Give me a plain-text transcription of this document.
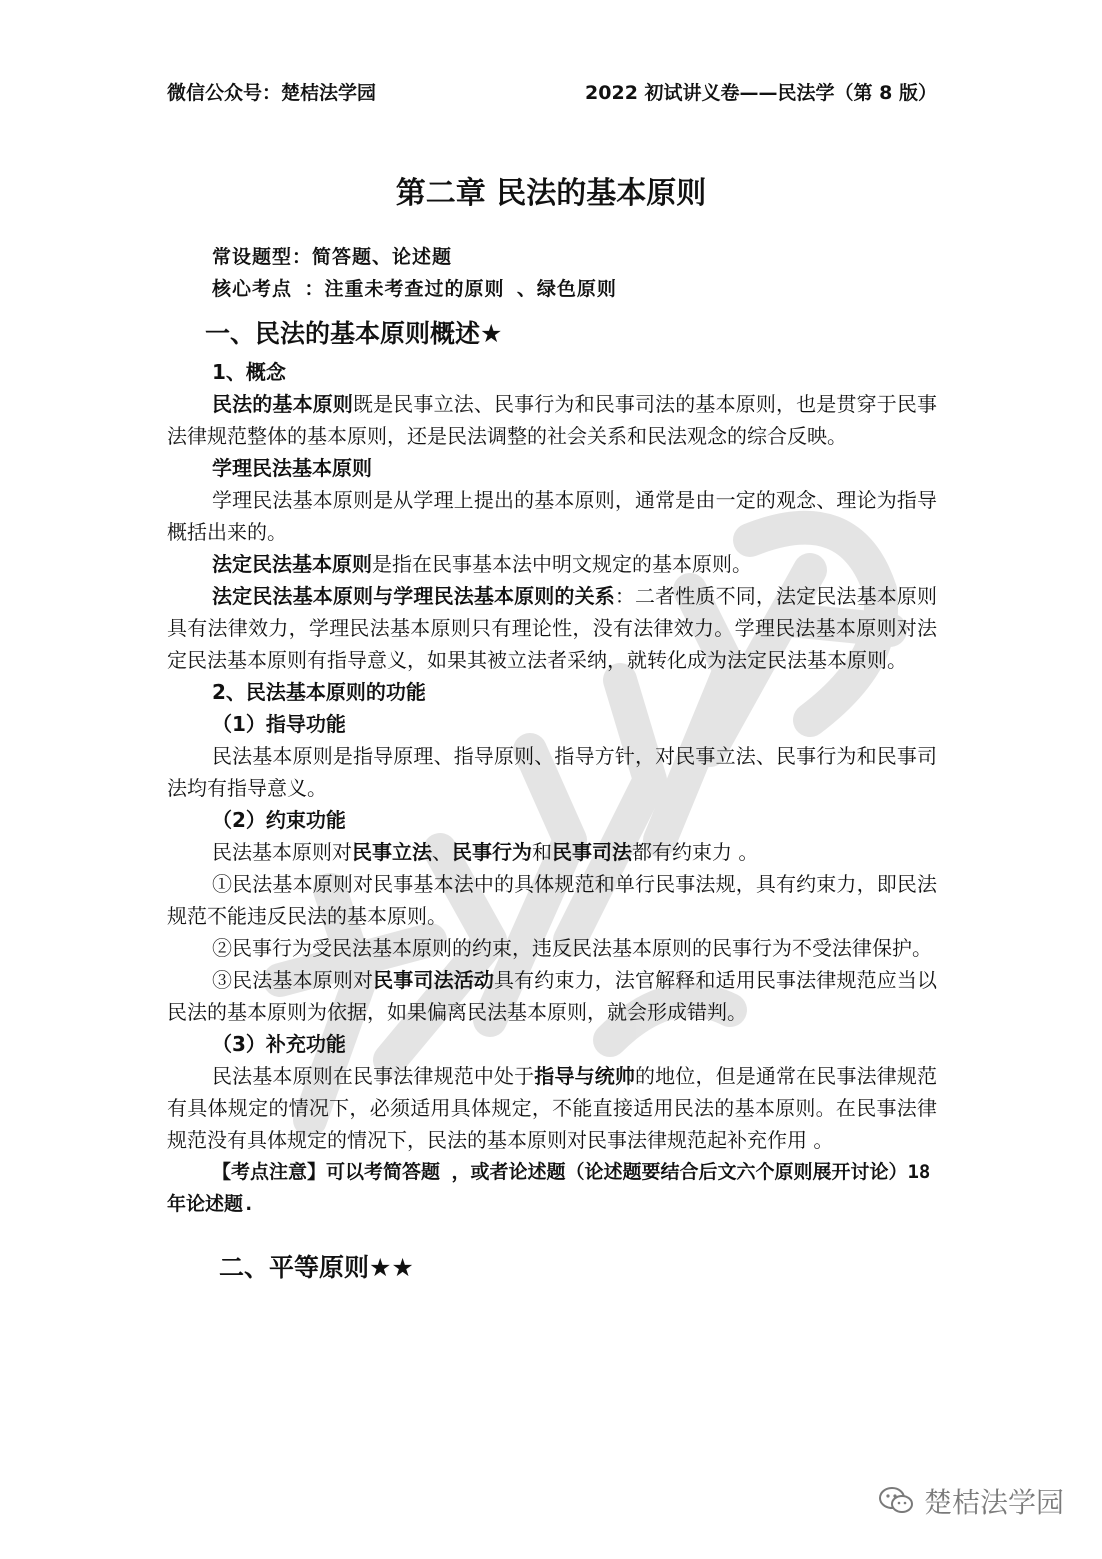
微信公众号：楚桔法学园	2022 初试讲义卷——民法学（第 8 版）
第二章 民法的基本原则
常设题型：简答题、论述题
核心考点 ：注重未考查过的原则 、绿色原则
一、民法的基本原则概述★

1、概念

民法的基本原则既是民事立法、民事行为和民事司法的基本原则，也是贯穿于民事法律规范整体的基本原则，还是民法调整的社会关系和民法观念的综合反映。

学理民法基本原则

学理民法基本原则是从学理上提出的基本原则，通常是由一定的观念、理论为指导概括出来的。

法定民法基本原则是指在民事基本法中明文规定的基本原则。

法定民法基本原则与学理民法基本原则的关系：二者性质不同，法定民法基本原则具有法律效力，学理民法基本原则只有理论性，没有法律效力。学理民法基本原则对法定民法基本原则有指导意义，如果其被立法者采纳，就转化成为法定民法基本原则。

2、民法基本原则的功能

（1）指导功能

民法基本原则是指导原理、指导原则、指导方针，对民事立法、民事行为和民事司法均有指导意义。

（2）约束功能

民法基本原则对民事立法、民事行为和民事司法都有约束力 。

①民法基本原则对民事基本法中的具体规范和单行民事法规，具有约束力，即民法规范不能违反民法的基本原则。

②民事行为受民法基本原则的约束，违反民法基本原则的民事行为不受法律保护。

③民法基本原则对民事司法活动具有约束力，法官解释和适用民事法律规范应当以民法的基本原则为依据，如果偏离民法基本原则，就会形成错判。

（3）补充功能

民法基本原则在民事法律规范中处于指导与统帅的地位，但是通常在民事法律规范有具体规定的情况下，必须适用具体规定，不能直接适用民法的基本原则。在民事法律规范没有具体规定的情况下，民法的基本原则对民事法律规范起补充作用 。

【考点注意】可以考简答题 ，或者论述题（论述题要结合后文六个原则展开讨论）18 年论述题.

二、平等原则★★
楚桔法学园
